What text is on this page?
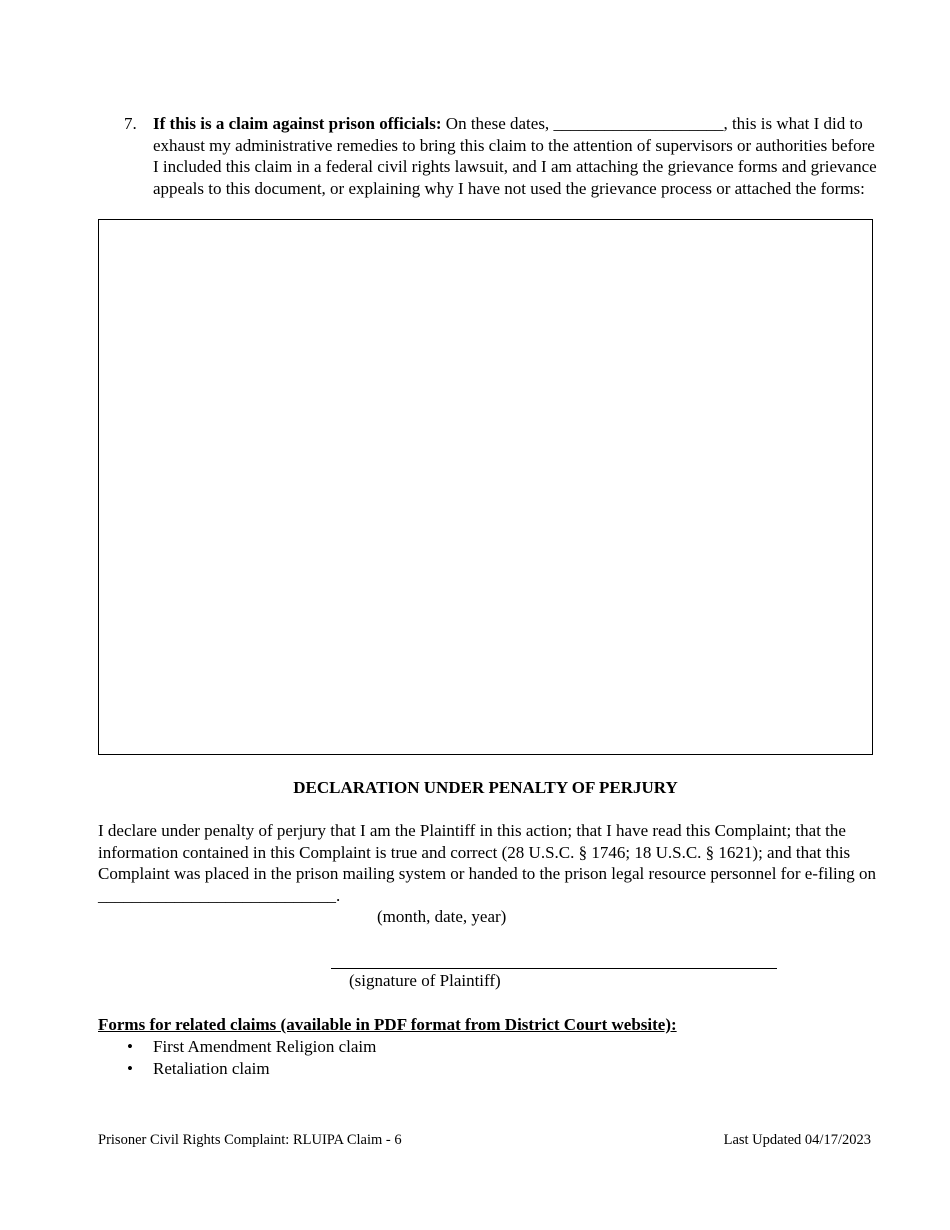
7. If this is a claim against prison officials: On these dates, ____________________, this is what I did to exhaust my administrative remedies to bring this claim to the attention of supervisors or authorities before I included this claim in a federal civil rights lawsuit, and I am attaching the grievance forms and grievance appeals to this document, or explaining why I have not used the grievance process or attached the forms:
DECLARATION UNDER PENALTY OF PERJURY
I declare under penalty of perjury that I am the Plaintiff in this action; that I have read this Complaint; that the information contained in this Complaint is true and correct (28 U.S.C. § 1746; 18 U.S.C. § 1621); and that this Complaint was placed in the prison mailing system or handed to the prison legal resource personnel for e-filing on ____________________________.
(month, date, year)
(signature of Plaintiff)
Forms for related claims (available in PDF format from District Court website):
• First Amendment Religion claim
• Retaliation claim
Prisoner Civil Rights Complaint: RLUIPA Claim - 6	Last Updated 04/17/2023
